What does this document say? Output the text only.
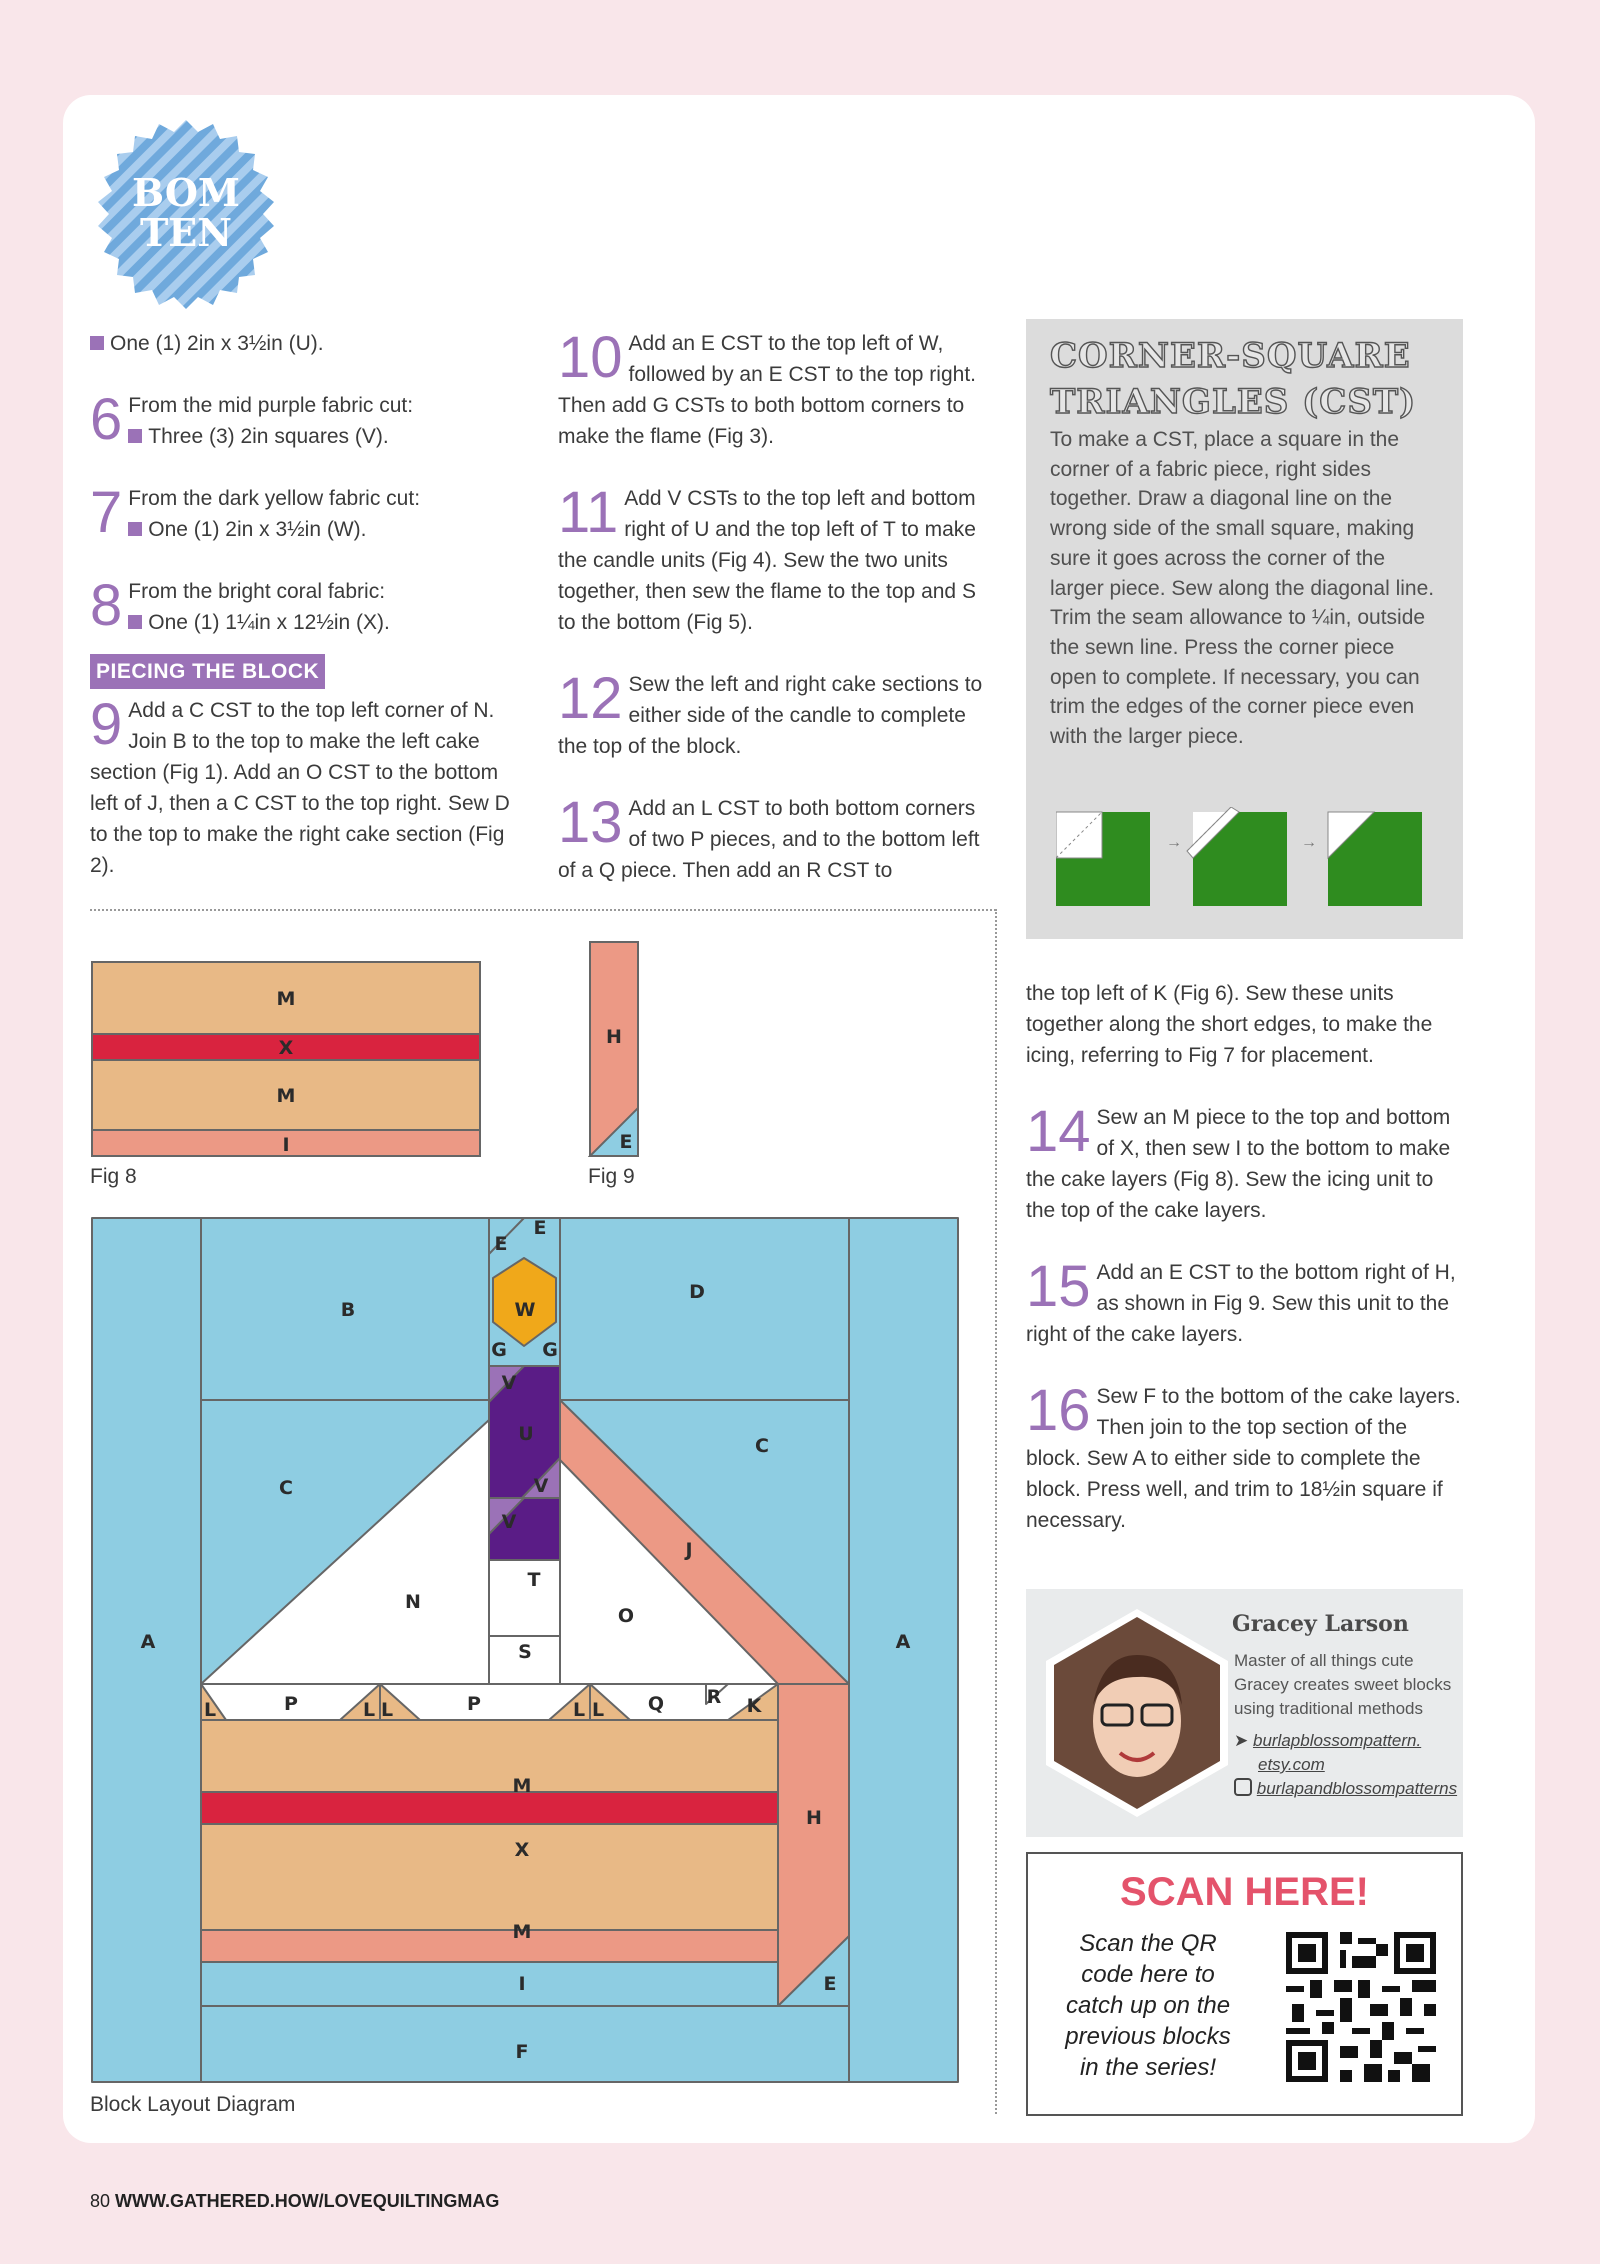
BOM
TEN

One (1) 2in x 3½in (U).

6 From the mid purple fabric cut:
Three (3) 2in squares (V).

7 From the dark yellow fabric cut:
One (1) 2in x 3½in (W).

8 From the bright coral fabric:
One (1) 1¼in x 12½in (X).

PIECING THE BLOCK

9 Add a C CST to the top left corner of N. Join B to the top to make the left cake section (Fig 1). Add an O CST to the bottom left of J, then a C CST to the top right. Sew D to the top to make the right cake section (Fig 2).

10 Add an E CST to the top left of W, followed by an E CST to the top right. Then add G CSTs to both bottom corners to make the flame (Fig 3).

11 Add V CSTs to the top left and bottom right of U and the top left of T to make the candle units (Fig 4). Sew the two units together, then sew the flame to the top and S to the bottom (Fig 5).

12 Sew the left and right cake sections to either side of the candle to complete the top of the block.

13 Add an L CST to both bottom corners of two P pieces, and to the bottom left of a Q piece. Then add an R CST to

CORNER-SQUARE
TRIANGLES (CST)
To make a CST, place a square in the corner of a fabric piece, right sides together. Draw a diagonal line on the wrong side of the small square, making sure it goes across the corner of the larger piece. Sew along the diagonal line. Trim the seam allowance to ¼in, outside the sewn line. Press the corner piece open to complete. If necessary, you can trim the edges of the corner piece even with the larger piece.
→	→

the top left of K (Fig 6). Sew these units together along the short edges, to make the icing, referring to Fig 7 for placement.

14 Sew an M piece to the top and bottom of X, then sew I to the bottom to make the cake layers (Fig 8). Sew the icing unit to the top of the cake layers.

15 Add an E CST to the bottom right of H, as shown in Fig 9. Sew this unit to the right of the cake layers.

16 Sew F to the bottom of the cake layers. Then join to the top section of the block. Sew A to either side to complete the block. Press well, and trim to 18½in square if necessary.

M
X
M
I
Fig 8
H
E
Fig 9
A	A
B
D
C
C
N
O
J
H
E
E
E
W
G G
V
U
V
V
T
S
L	P	L L	P	L L Q R K
M
X
M
I
F
Block Layout Diagram
Gracey Larson
Master of all things cute
Gracey creates sweet blocks
using traditional methods
➤ burlapblossompattern.
etsy.com
burlapandblossompatterns
SCAN HERE!
Scan the QR
code here to
catch up on the
previous blocks
in the series!
80 WWW.GATHERED.HOW/LOVEQUILTINGMAG
